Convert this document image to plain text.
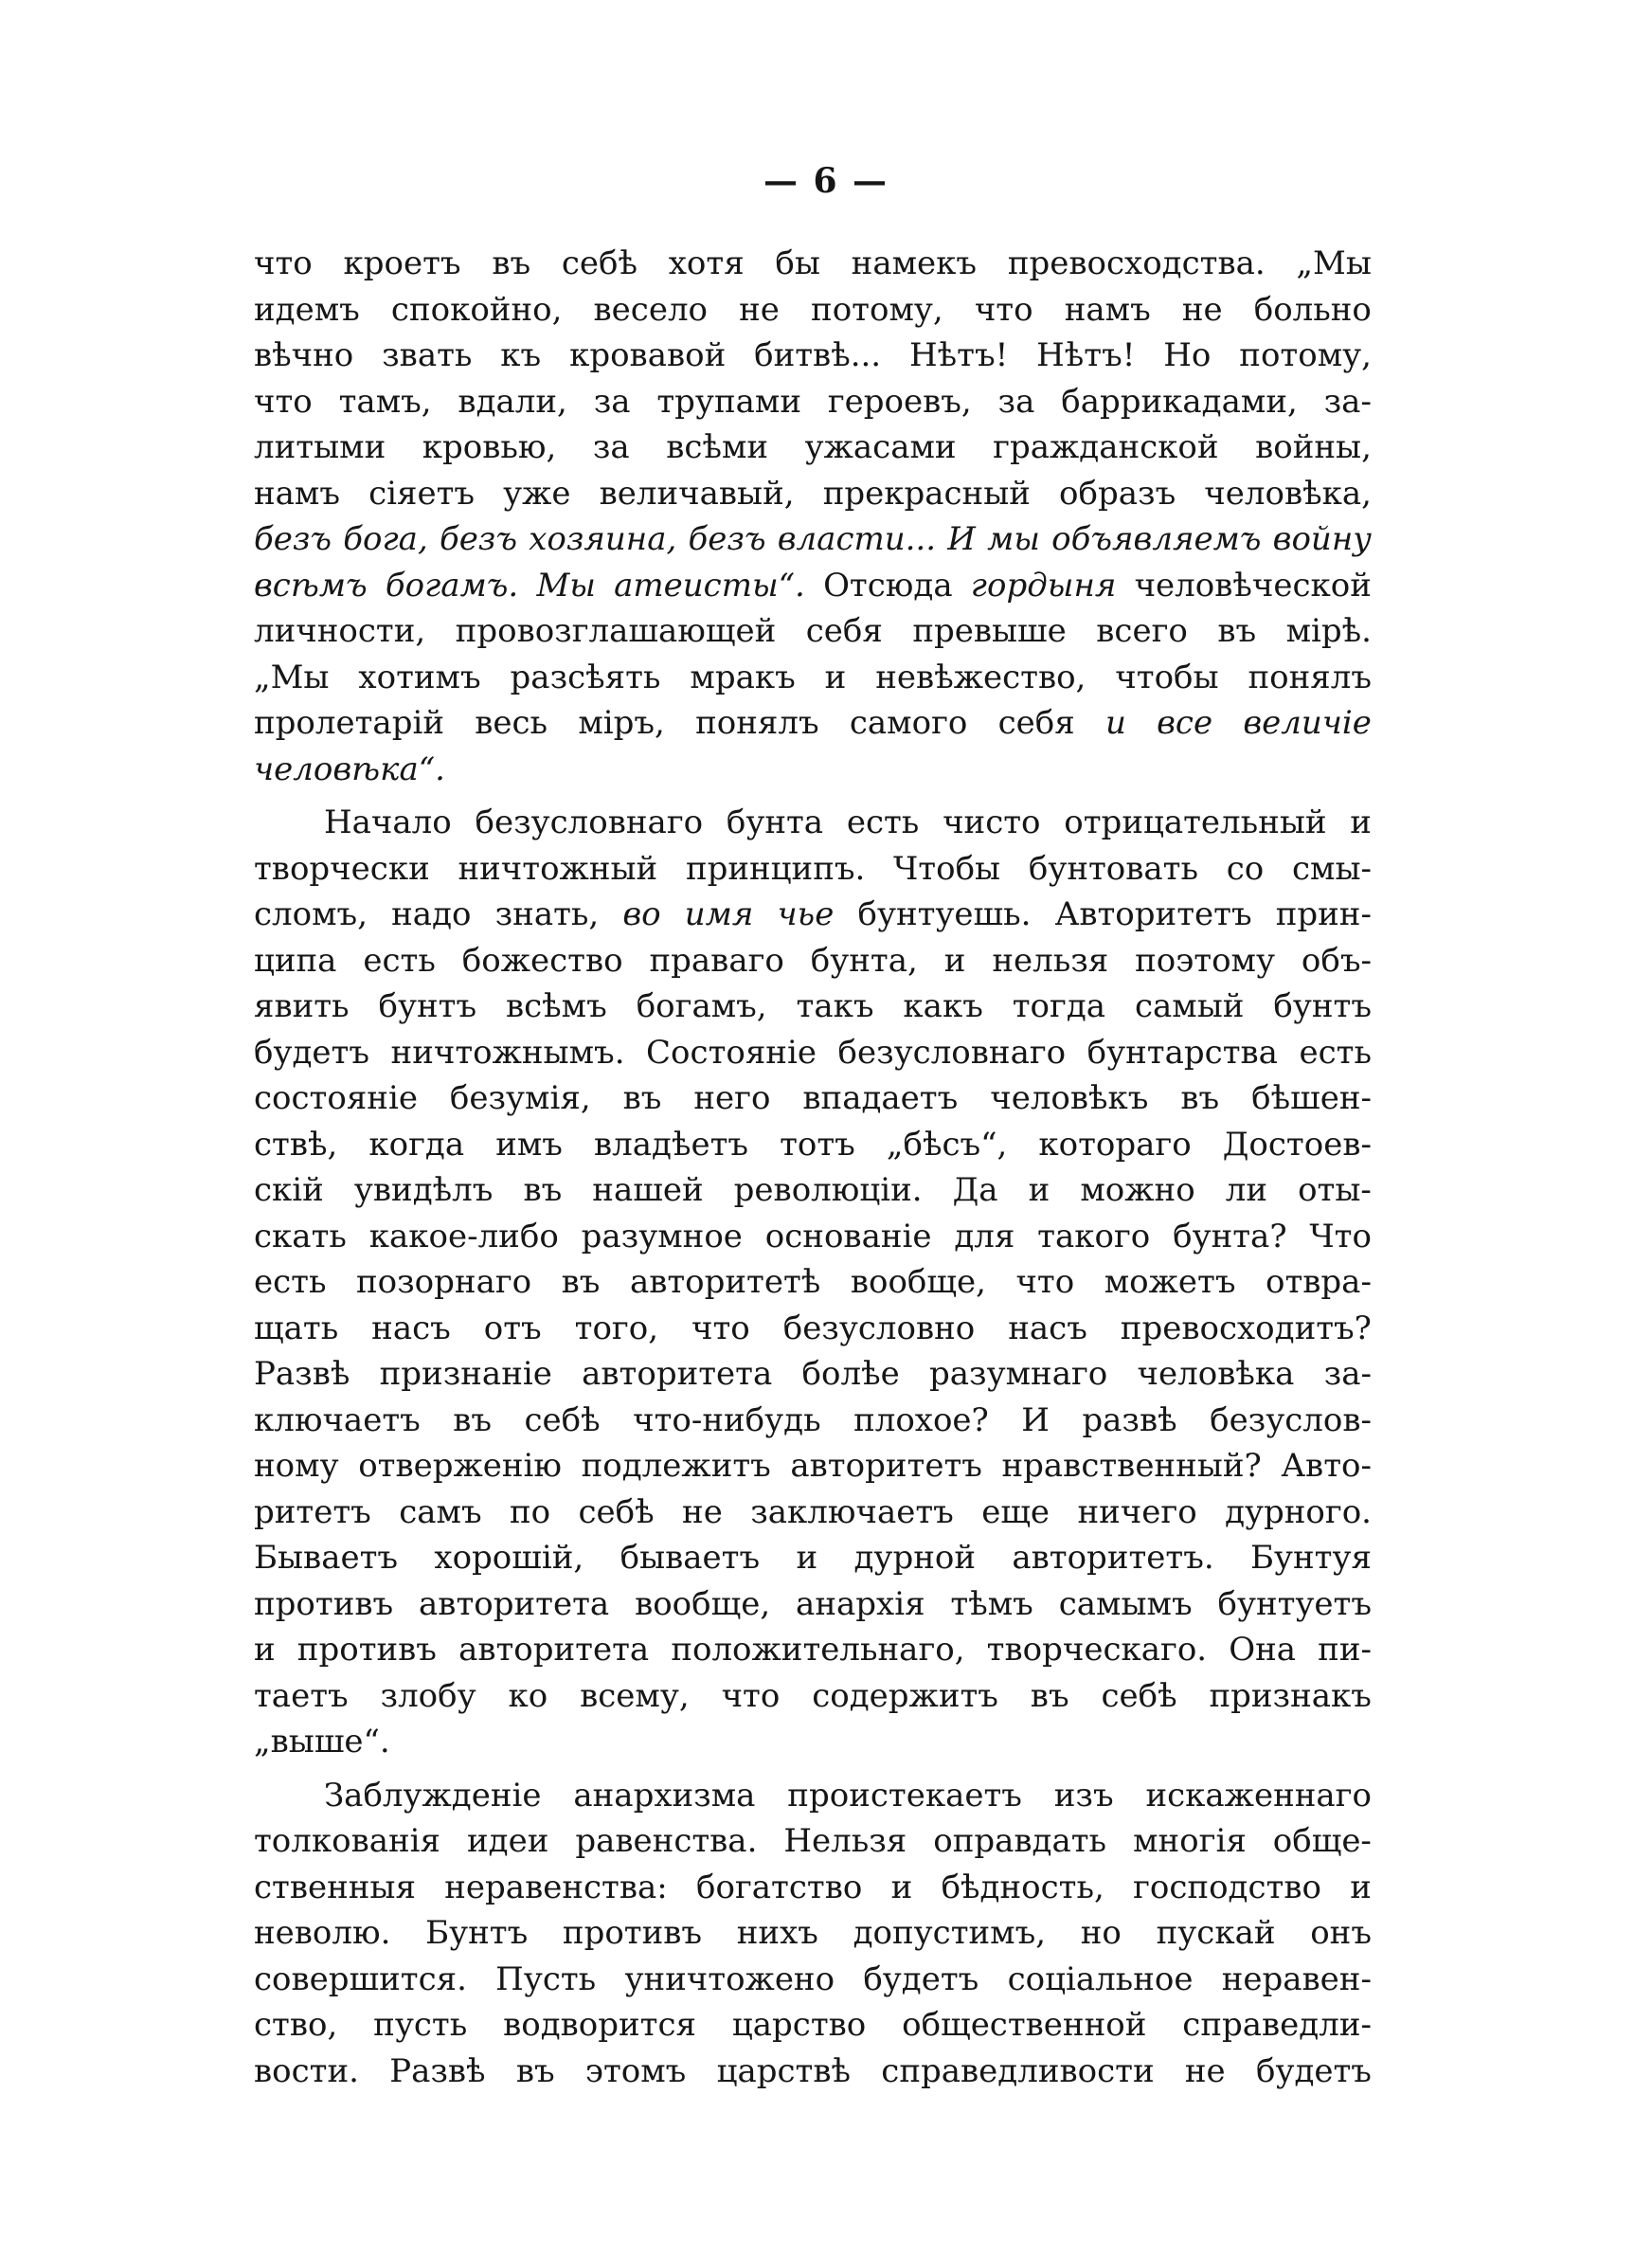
— 6 —
что кроетъ въ себѣ хотя бы намекъ превосходства. „Мы
идемъ спокойно, весело не потому, что намъ не больно
вѣчно звать къ кровавой битвѣ... Нѣтъ! Нѣтъ! Но потому,
что тамъ, вдали, за трупами героевъ, за баррикадами, за-
литыми кровью, за всѣми ужасами гражданской войны,
намъ сіяетъ уже величавый, прекрасный образъ человѣка,
безъ бога, безъ хозяина, безъ власти... И мы объявляемъ войну
всѣмъ богамъ. Мы атеисты“. Отсюда гордыня человѣческой
личности, провозглашающей себя превыше всего въ мірѣ.
„Мы хотимъ разсѣять мракъ и невѣжество, чтобы понялъ
пролетарій весь міръ, понялъ самого себя и все величіе
человѣка“.
Начало безусловнаго бунта есть чисто отрицательный и
творчески ничтожный принципъ. Чтобы бунтовать со смы-
сломъ, надо знать, во имя чье бунтуешь. Авторитетъ прин-
ципа есть божество праваго бунта, и нельзя поэтому объ-
явить бунтъ всѣмъ богамъ, такъ какъ тогда самый бунтъ
будетъ ничтожнымъ. Состояніе безусловнаго бунтарства есть
состояніе безумія, въ него впадаетъ человѣкъ въ бѣшен-
ствѣ, когда имъ владѣетъ тотъ „бѣсъ“, котораго Достоев-
скій увидѣлъ въ нашей революціи. Да и можно ли оты-
скать какое-либо разумное основаніе для такого бунта? Что
есть позорнаго въ авторитетѣ вообще, что можетъ отвра-
щать насъ отъ того, что безусловно насъ превосходитъ?
Развѣ признаніе авторитета болѣе разумнаго человѣка за-
ключаетъ въ себѣ что-нибудь плохое? И развѣ безуслов-
ному отверженію подлежитъ авторитетъ нравственный? Авто-
ритетъ самъ по себѣ не заключаетъ еще ничего дурного.
Бываетъ хорошій, бываетъ и дурной авторитетъ. Бунтуя
противъ авторитета вообще, анархія тѣмъ самымъ бунтуетъ
и противъ авторитета положительнаго, творческаго. Она пи-
таетъ злобу ко всему, что содержитъ въ себѣ признакъ
„выше“.
Заблужденіе анархизма проистекаетъ изъ искаженнаго
толкованія идеи равенства. Нельзя оправдать многія обще-
ственныя неравенства: богатство и бѣдность, господство и
неволю. Бунтъ противъ нихъ допустимъ, но пускай онъ
совершится. Пусть уничтожено будетъ соціальное неравен-
ство, пусть водворится царство общественной справедли-
вости. Развѣ въ этомъ царствѣ справедливости не будетъ
